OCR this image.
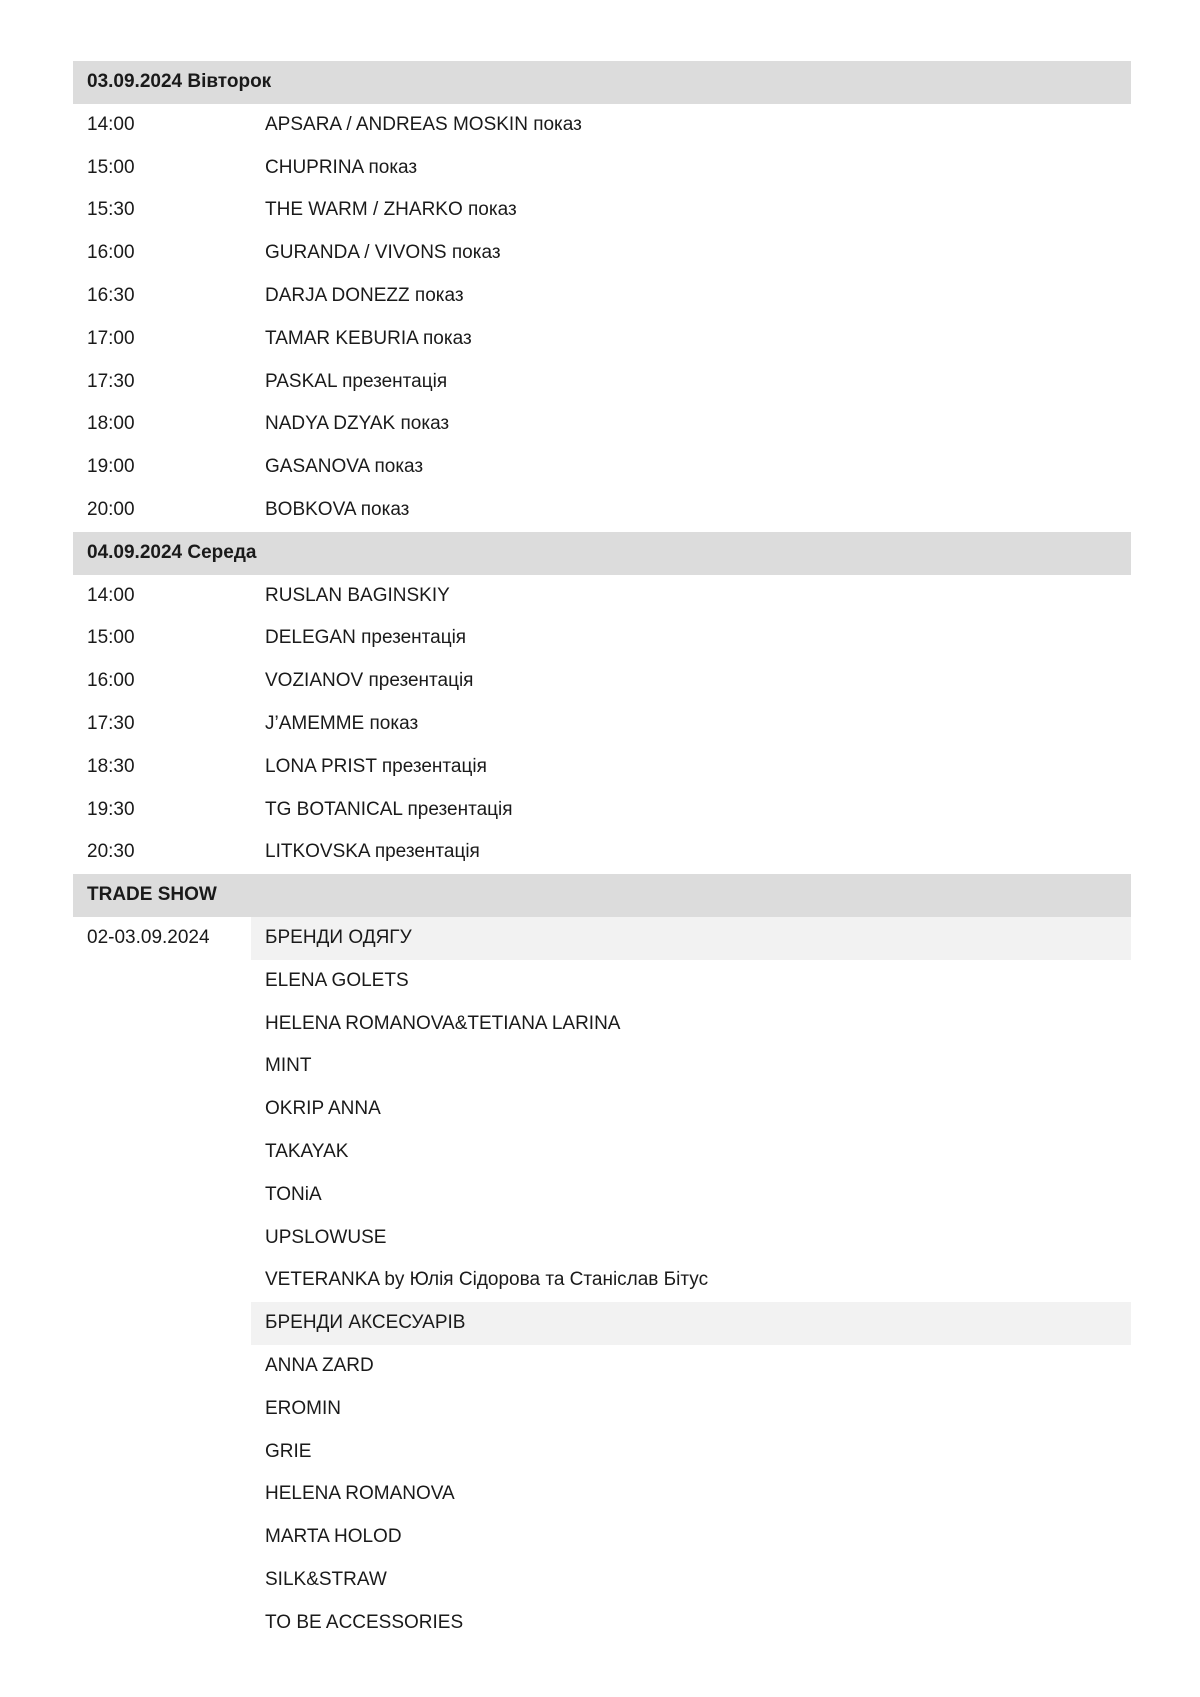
03.09.2024 Вівторок
14:00	APSARA / ANDREAS MOSKIN показ
15:00	CHUPRINA показ
15:30	THE WARM / ZHARKO показ
16:00	GURANDA / VIVONS показ
16:30	DARJA DONEZZ показ
17:00	TAMAR KEBURIA показ
17:30	PASKAL презентація
18:00	NADYA DZYAK показ
19:00	GASANOVA показ
20:00	BOBKOVA показ
04.09.2024 Середа
14:00	RUSLAN BAGINSKIY
15:00	DELEGAN презентація
16:00	VOZIANOV презентація
17:30	J’AMEMME показ
18:30	LONA PRIST презентація
19:30	TG BOTANICAL презентація
20:30	LITKOVSKA презентація
TRADE SHOW
02-03.09.2024	БРЕНДИ ОДЯГУ
ELENA GOLETS
HELENA ROMANOVA&TETIANA LARINA
MINT
OKRIP ANNA
TAKAYAK
TONiA
UPSLOWUSE
VETERANKA by Юлія Сідорова та Станіслав Бітус
БРЕНДИ АКСЕСУАРІВ
ANNA ZARD
EROMIN
GRIE
HELENA ROMANOVA
MARTA HOLOD
SILK&STRAW
TO BE ACCESSORIES
